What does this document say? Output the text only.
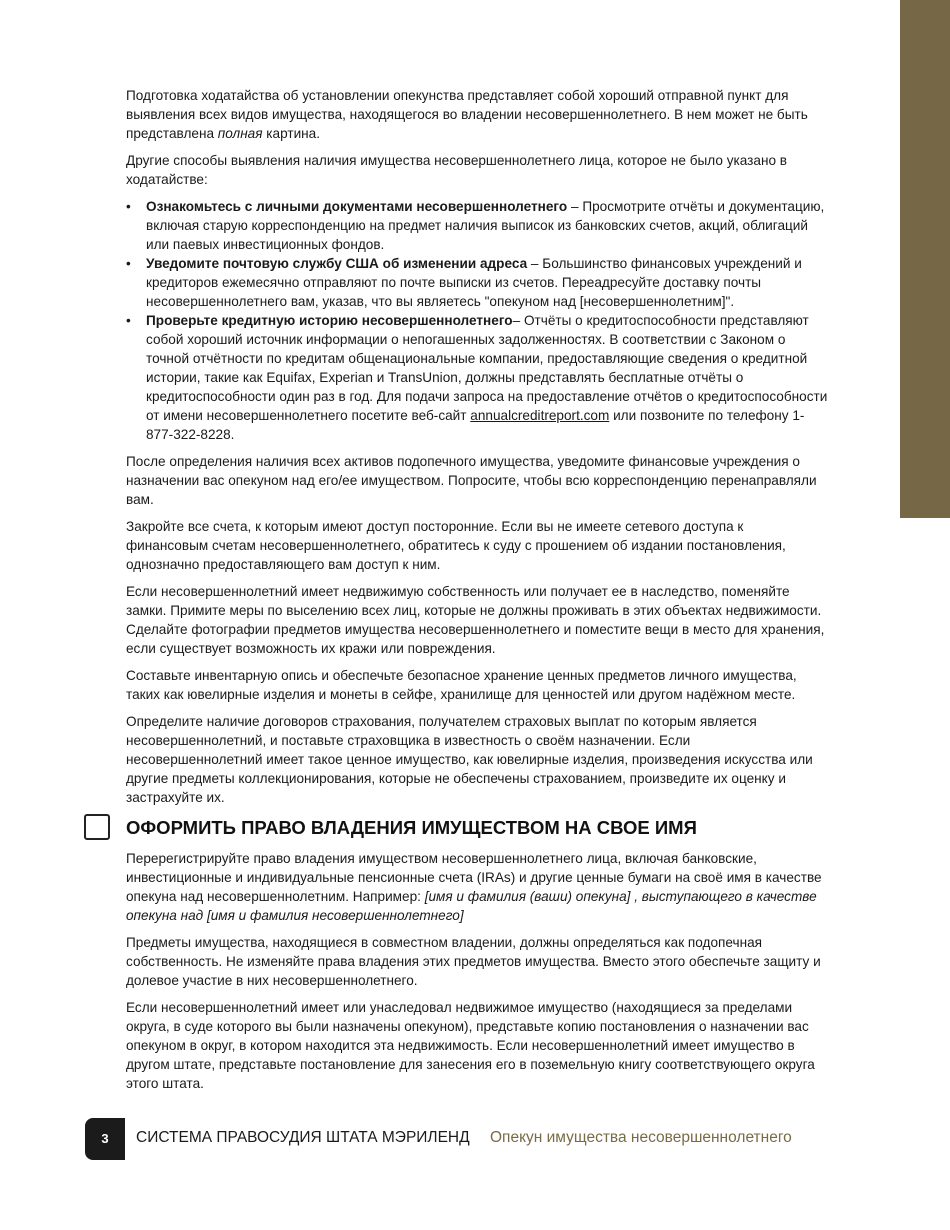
Подготовка ходатайства об установлении опекунства представляет собой хороший отправной пункт для выявления всех видов имущества, находящегося во владении несовершеннолетнего. В нем может не быть представлена полная картина.

Другие способы выявления наличия имущества несовершеннолетнего лица, которое не было указано в ходатайстве:

• Ознакомьтесь с личными документами несовершеннолетнего – Просмотрите отчёты и документацию, включая старую корреспонденцию на предмет наличия выписок из банковских счетов, акций, облигаций или паевых инвестиционных фондов.
• Уведомите почтовую службу США об изменении адреса – Большинство финансовых учреждений и кредиторов ежемесячно отправляют по почте выписки из счетов. Переадресуйте доставку почты несовершеннолетнего вам, указав, что вы являетесь "опекуном над [несовершеннолетним]".
• Проверьте кредитную историю несовершеннолетнего– Отчёты о кредитоспособности представляют собой хороший источник информации о непогашенных задолженностях. В соответствии с Законом о точной отчётности по кредитам общенациональные компании, предоставляющие сведения о кредитной истории, такие как Equifax, Experian и TransUnion, должны представлять бесплатные отчёты о кредитоспособности один раз в год. Для подачи запроса на предоставление отчётов о кредитоспособности от имени несовершеннолетнего посетите веб-сайт annualcreditreport.com или позвоните по телефону 1-877-322-8228.

После определения наличия всех активов подопечного имущества, уведомите финансовые учреждения о назначении вас опекуном над его/ее имуществом. Попросите, чтобы всю корреспонденцию перенаправляли вам.

Закройте все счета, к которым имеют доступ посторонние. Если вы не имеете сетевого доступа к финансовым счетам несовершеннолетнего, обратитесь к суду с прошением об издании постановления, однозначно предоставляющего вам доступ к ним.

Если несовершеннолетний имеет недвижимую собственность или получает ее в наследство, поменяйте замки. Примите меры по выселению всех лиц, которые не должны проживать в этих объектах недвижимости. Сделайте фотографии предметов имущества несовершеннолетнего и поместите вещи в место для хранения, если существует возможность их кражи или повреждения.

Составьте инвентарную опись и обеспечьте безопасное хранение ценных предметов личного имущества, таких как ювелирные изделия и монеты в сейфе, хранилище для ценностей или другом надёжном месте.

Определите наличие договоров страхования, получателем страховых выплат по которым является несовершеннолетний, и поставьте страховщика в известность о своём назначении. Если несовершеннолетний имеет такое ценное имущество, как ювелирные изделия, произведения искусства или другие предметы коллекционирования, которые не обеспечены страхованием, произведите их оценку и застрахуйте их.

ОФОРМИТЬ ПРАВО ВЛАДЕНИЯ ИМУЩЕСТВОМ НА СВОЕ ИМЯ

Перерегистрируйте право владения имуществом несовершеннолетнего лица, включая банковские, инвестиционные и индивидуальные пенсионные счета (IRAs) и другие ценные бумаги на своё имя в качестве опекуна над несовершеннолетним. Например: [имя и фамилия (ваши) опекуна] , выступающего в качестве опекуна над [имя и фамилия несовершеннолетнего]

Предметы имущества, находящиеся в совместном владении, должны определяться как подопечная собственность. Не изменяйте права владения этих предметов имущества. Вместо этого обеспечьте защиту и долевое участие в них несовершеннолетнего.

Если несовершеннолетний имеет или унаследовал недвижимое имущество (находящиеся за пределами округа, в суде которого вы были назначены опекуном), представьте копию постановления о назначении вас опекуном в округ, в котором находится эта недвижимость. Если несовершеннолетний имеет имущество в другом штате, представьте постановление для занесения его в поземельную книгу соответствующего округа этого штата.

3	СИСТЕМА ПРАВОСУДИЯ ШТАТА МЭРИЛЕНД Опекун имущества несовершеннолетнего
